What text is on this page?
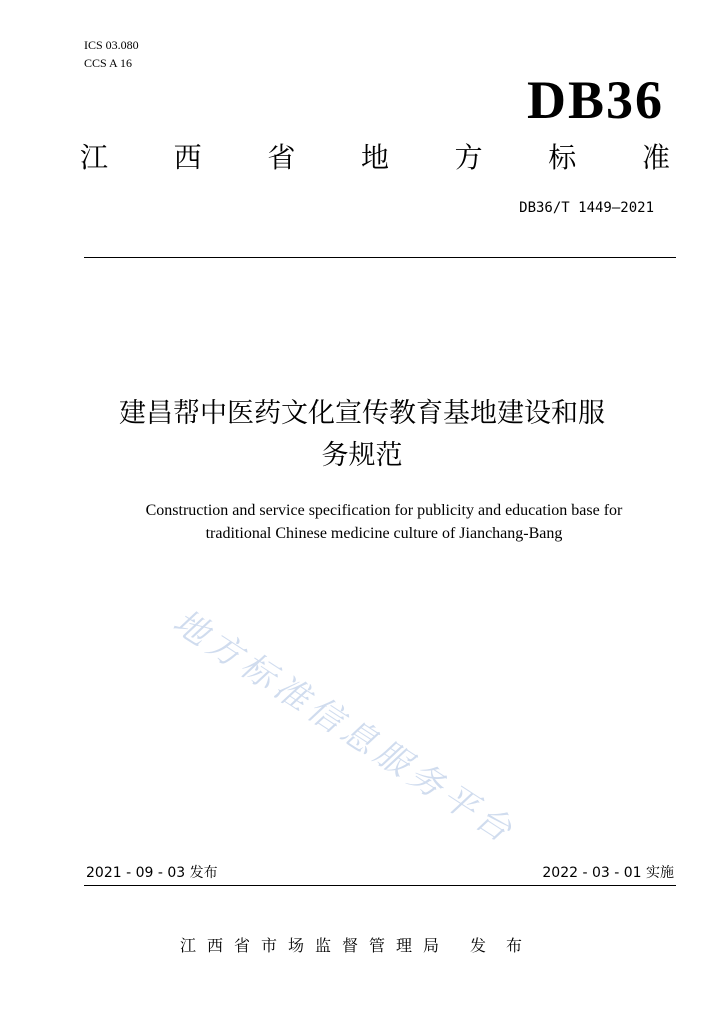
ICS 03.080
CCS A 16
DB36
江 西 省 地 方 标 准
DB36/T 1449—2021
建昌帮中医药文化宣传教育基地建设和服
务规范
Construction and service specification for publicity and education base for
traditional Chinese medicine culture of Jianchang-Bang
地方标准信息服务平台
2021 - 09 - 03 发布	2022 - 03 - 01 实施
江西省市场监督管理局 发布
